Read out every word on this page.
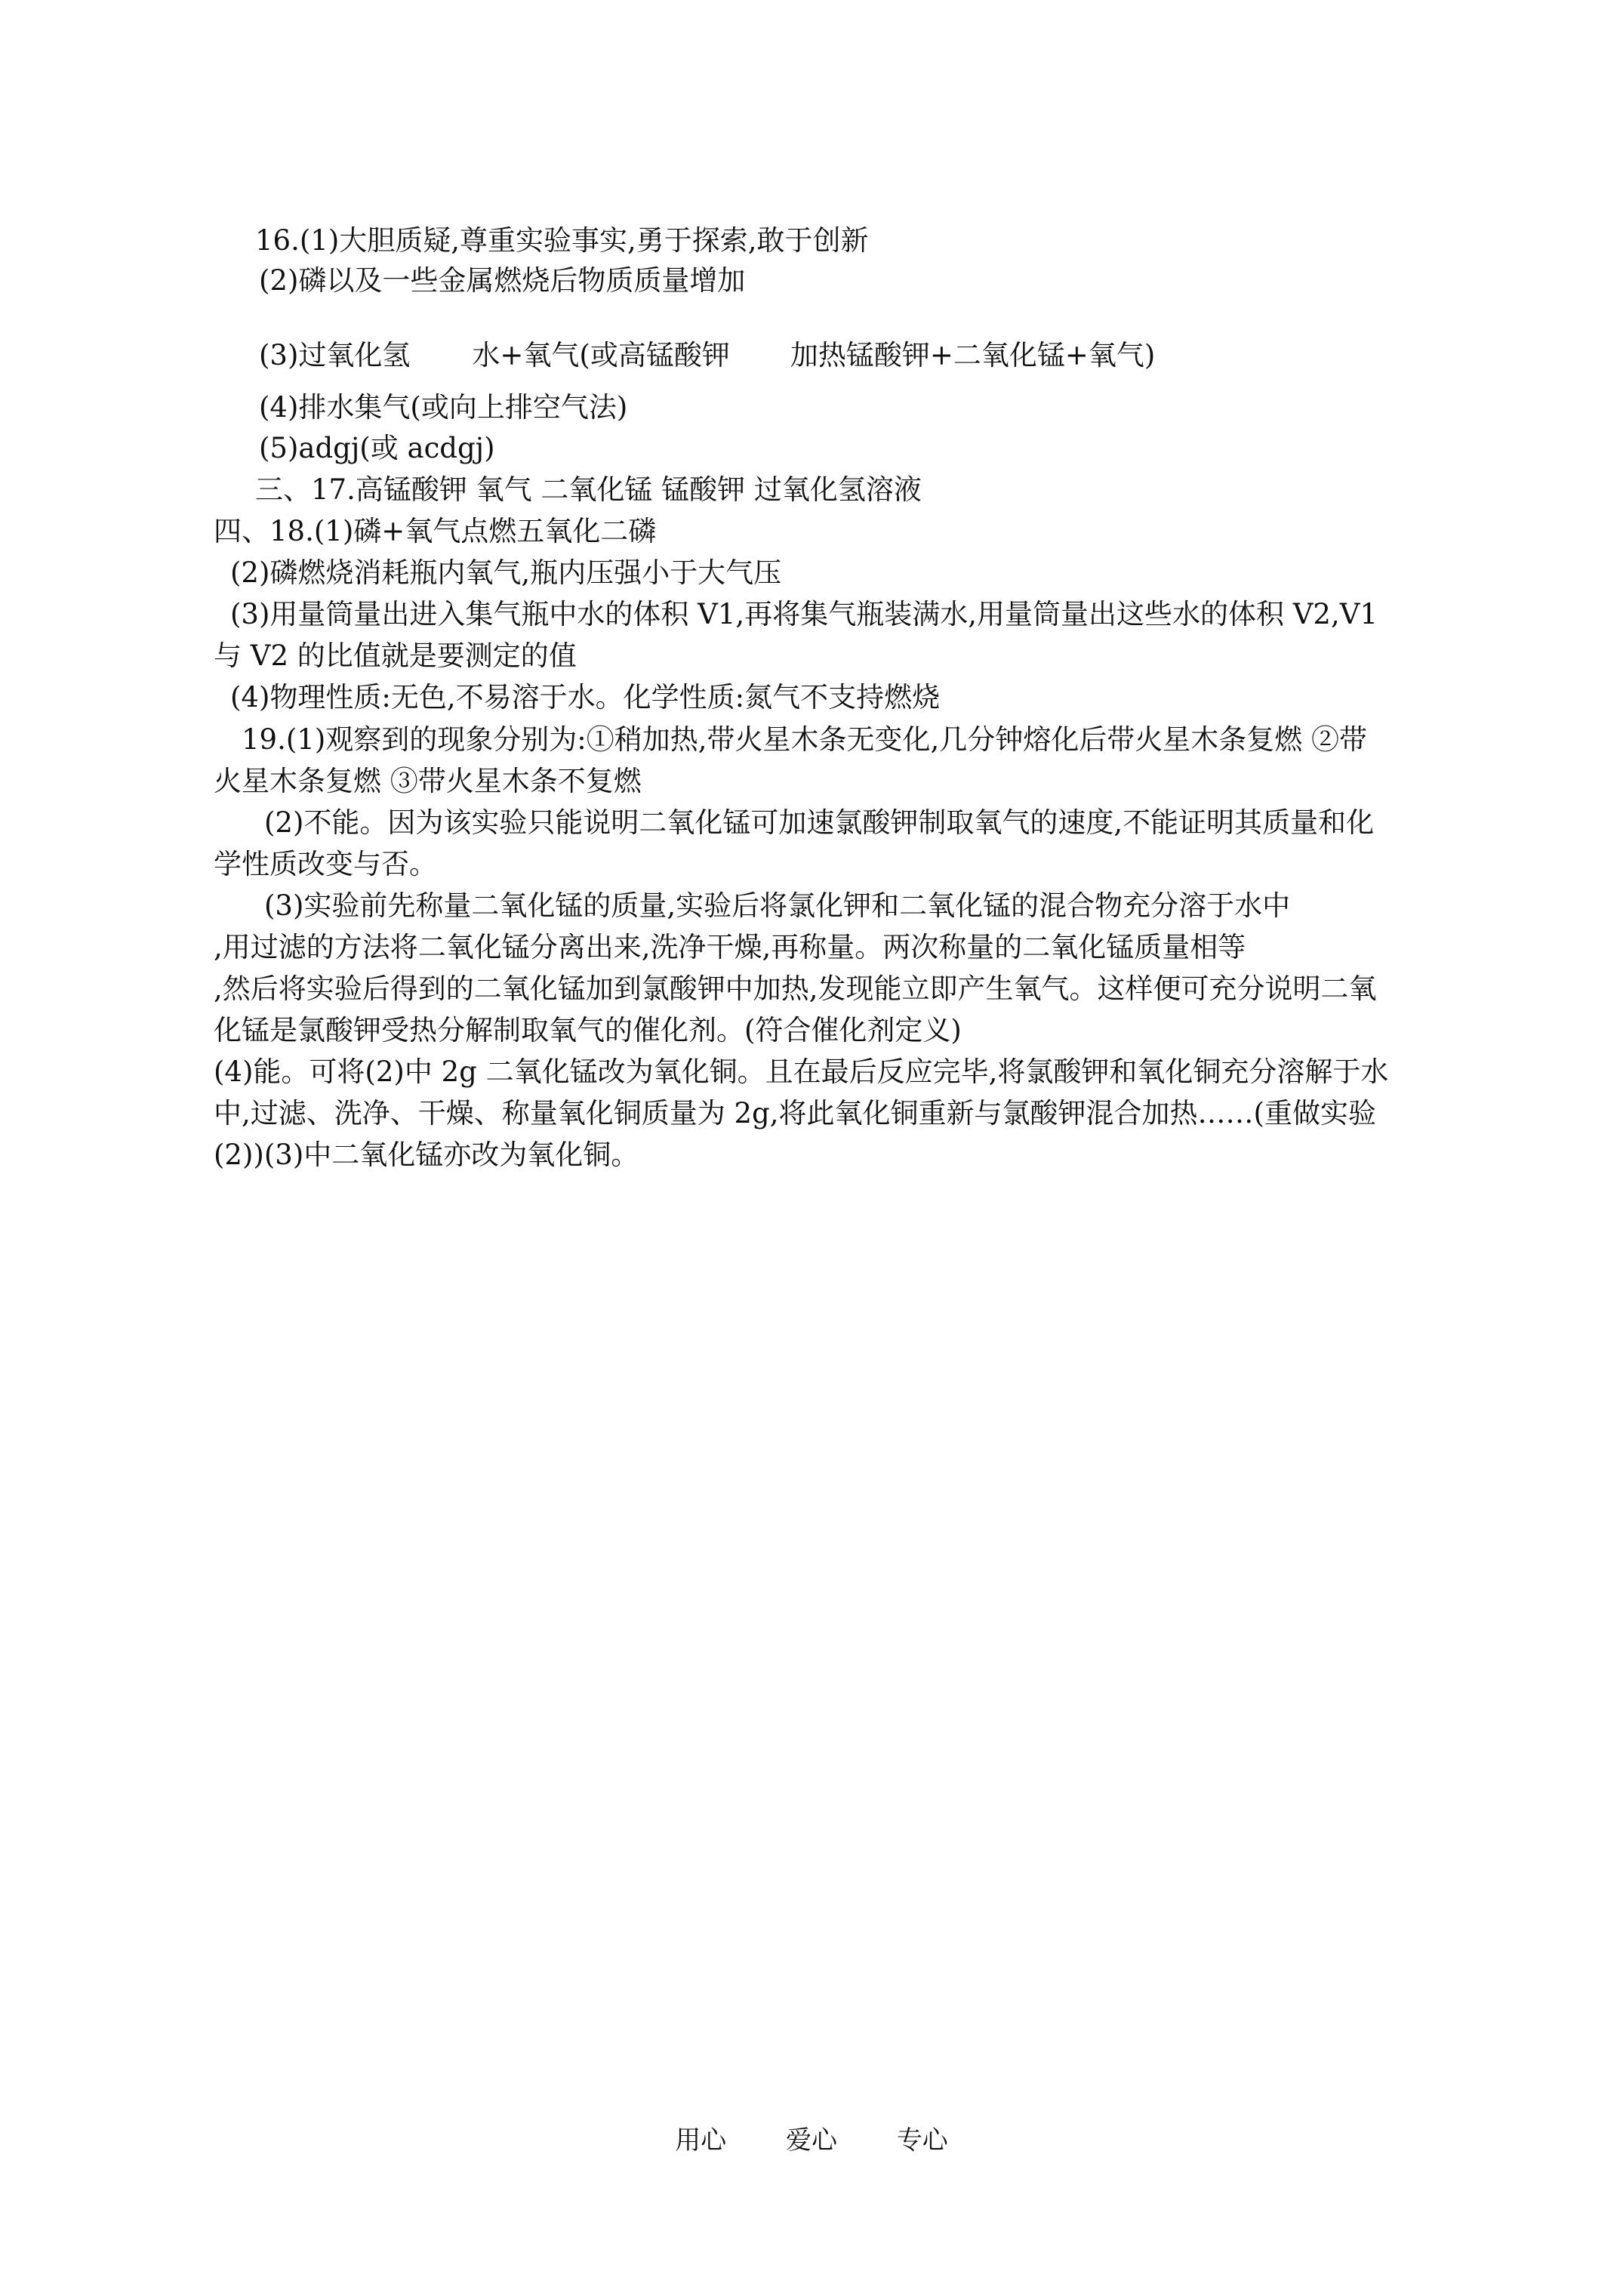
16.(1)大胆质疑,尊重实验事实,勇于探索,敢于创新
(2)磷以及一些金属燃烧后物质质量增加
(3)过氧化氢 水+氧气(或高锰酸钾 加热锰酸钾+二氧化锰+氧气)
(4)排水集气(或向上排空气法)
(5)adgj(或 acdgj)
三、17.高锰酸钾 氧气 二氧化锰 锰酸钾 过氧化氢溶液
四、18.(1)磷+氧气点燃五氧化二磷
(2)磷燃烧消耗瓶内氧气,瓶内压强小于大气压
(3)用量筒量出进入集气瓶中水的体积 V1,再将集气瓶装满水,用量筒量出这些水的体积 V2,V1
与 V2 的比值就是要测定的值
(4)物理性质:无色,不易溶于水。化学性质:氮气不支持燃烧
19.(1)观察到的现象分别为:①稍加热,带火星木条无变化,几分钟熔化后带火星木条复燃 ②带
火星木条复燃 ③带火星木条不复燃
(2)不能。因为该实验只能说明二氧化锰可加速氯酸钾制取氧气的速度,不能证明其质量和化
学性质改变与否。
(3)实验前先称量二氧化锰的质量,实验后将氯化钾和二氧化锰的混合物充分溶于水中
,用过滤的方法将二氧化锰分离出来,洗净干燥,再称量。两次称量的二氧化锰质量相等
,然后将实验后得到的二氧化锰加到氯酸钾中加热,发现能立即产生氧气。这样便可充分说明二氧
化锰是氯酸钾受热分解制取氧气的催化剂。(符合催化剂定义)
(4)能。可将(2)中 2g 二氧化锰改为氧化铜。且在最后反应完毕,将氯酸钾和氧化铜充分溶解于水
中,过滤、洗净、干燥、称量氧化铜质量为 2g,将此氧化铜重新与氯酸钾混合加热……(重做实验
(2))(3)中二氧化锰亦改为氧化铜。
用心 爱心 专心
